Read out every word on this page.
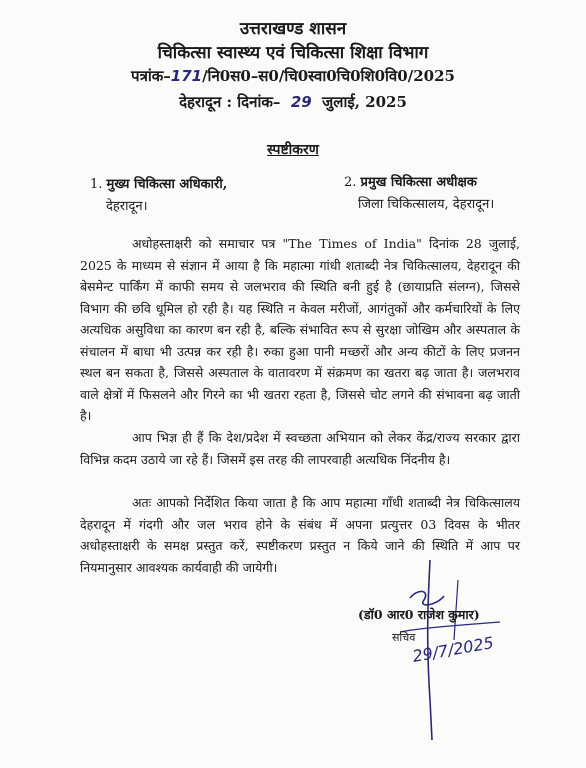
उत्तराखण्ड शासन
चिकित्सा स्वास्थ्य एवं चिकित्सा शिक्षा विभाग
पत्रांक–171/नि0स0–स0/चि0स्वा0चि0शि0वि0/2025
देहरादून : दिनांक– 29 जुलाई, 2025
स्पष्टीकरण
1. मुख्य चिकित्सा अधिकारी,
देहरादून।
2. प्रमुख चिकित्सा अधीक्षक
जिला चिकित्सालय, देहरादून।
अधोहस्ताक्षरी को समाचार पत्र "The Times of India" दिनांक 28 जुलाई, 2025 के माध्यम से संज्ञान में आया है कि महात्मा गांधी शताब्दी नेत्र चिकित्सालय, देहरादून की बेसमेन्ट पार्किंग में काफी समय से जलभराव की स्थिति बनी हुई है (छायाप्रति संलग्न), जिससे विभाग की छवि धूमिल हो रही है। यह स्थिति न केवल मरीजों, आगंतुकों और कर्मचारियों के लिए अत्यधिक असुविधा का कारण बन रही है, बल्कि संभावित रूप से सुरक्षा जोखिम और अस्पताल के संचालन में बाधा भी उत्पन्न कर रही है। रुका हुआ पानी मच्छरों और अन्य कीटों के लिए प्रजनन स्थल बन सकता है, जिससे अस्पताल के वातावरण में संक्रमण का खतरा बढ़ जाता है। जलभराव वाले क्षेत्रों में फिसलने और गिरने का भी खतरा रहता है, जिससे चोट लगने की संभावना बढ़ जाती है।
आप भिज्ञ ही हैं कि देश/प्रदेश में स्वच्छता अभियान को लेकर केंद्र/राज्य सरकार द्वारा विभिन्न कदम उठाये जा रहे हैं। जिसमें इस तरह की लापरवाही अत्यधिक निंदनीय है।
अतः आपको निर्देशित किया जाता है कि आप महात्मा गाँधी शताब्दी नेत्र चिकित्सालय देहरादून में गंदगी और जल भराव होने के संबंध में अपना प्रत्युत्तर 03 दिवस के भीतर अधोहस्ताक्षरी के समक्ष प्रस्तुत करें, स्पष्टीकरण प्रस्तुत न किये जाने की स्थिति में आप पर नियमानुसार आवश्यक कार्यवाही की जायेगी।
(डॉ0 आर0 राजेश कुमार)
सचिव
29/7/2025
